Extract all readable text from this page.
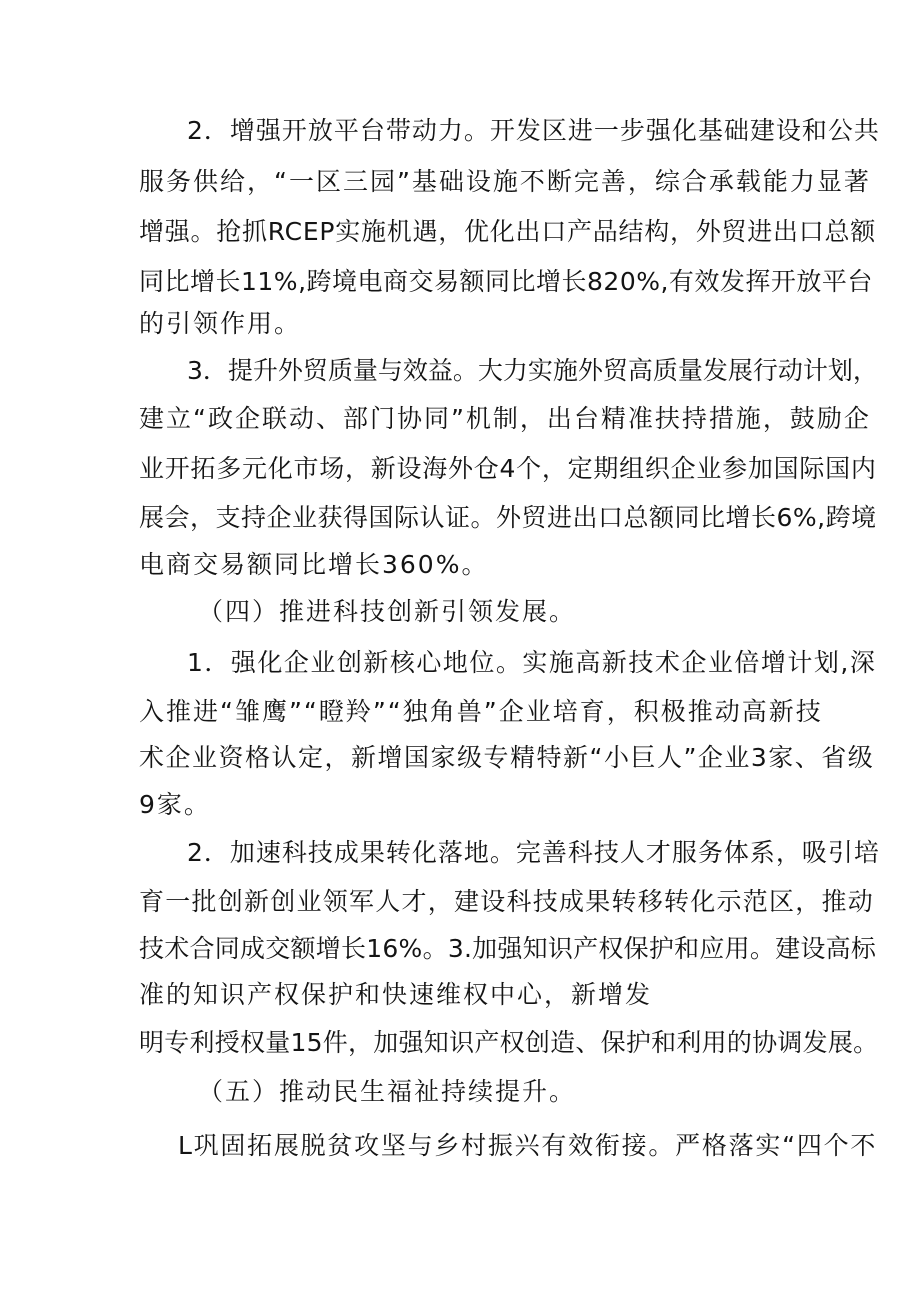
2．增强开放平台带动力。开发区进一步强化基础建设和公共

服务供给，“一区三园”基础设施不断完善，综合承载能力显著

增强。抢抓RCEP实施机遇，优化出口产品结构，外贸进出口总额

同比增长11%,跨境电商交易额同比增长820%,有效发挥开放平台

的引领作用。

3．提升外贸质量与效益。大力实施外贸高质量发展行动计划，

建立“政企联动、部门协同”机制，出台精准扶持措施，鼓励企

业开拓多元化市场，新设海外仓4个，定期组织企业参加国际国内

展会，支持企业获得国际认证。外贸进出口总额同比增长6%,跨境

电商交易额同比增长360%。

（四）推进科技创新引领发展。

1．强化企业创新核心地位。实施高新技术企业倍增计划,深

入推进“雏鹰”“瞪羚”“独角兽”企业培育，积极推动高新技

术企业资格认定，新增国家级专精特新“小巨人”企业3家、省级

9家。

2．加速科技成果转化落地。完善科技人才服务体系，吸引培

育一批创新创业领军人才，建设科技成果转移转化示范区，推动

技术合同成交额增长16%。3.加强知识产权保护和应用。建设高标

准的知识产权保护和快速维权中心，新增发

明专利授权量15件，加强知识产权创造、保护和利用的协调发展。

（五）推动民生福祉持续提升。

L巩固拓展脱贫攻坚与乡村振兴有效衔接。严格落实“四个不
